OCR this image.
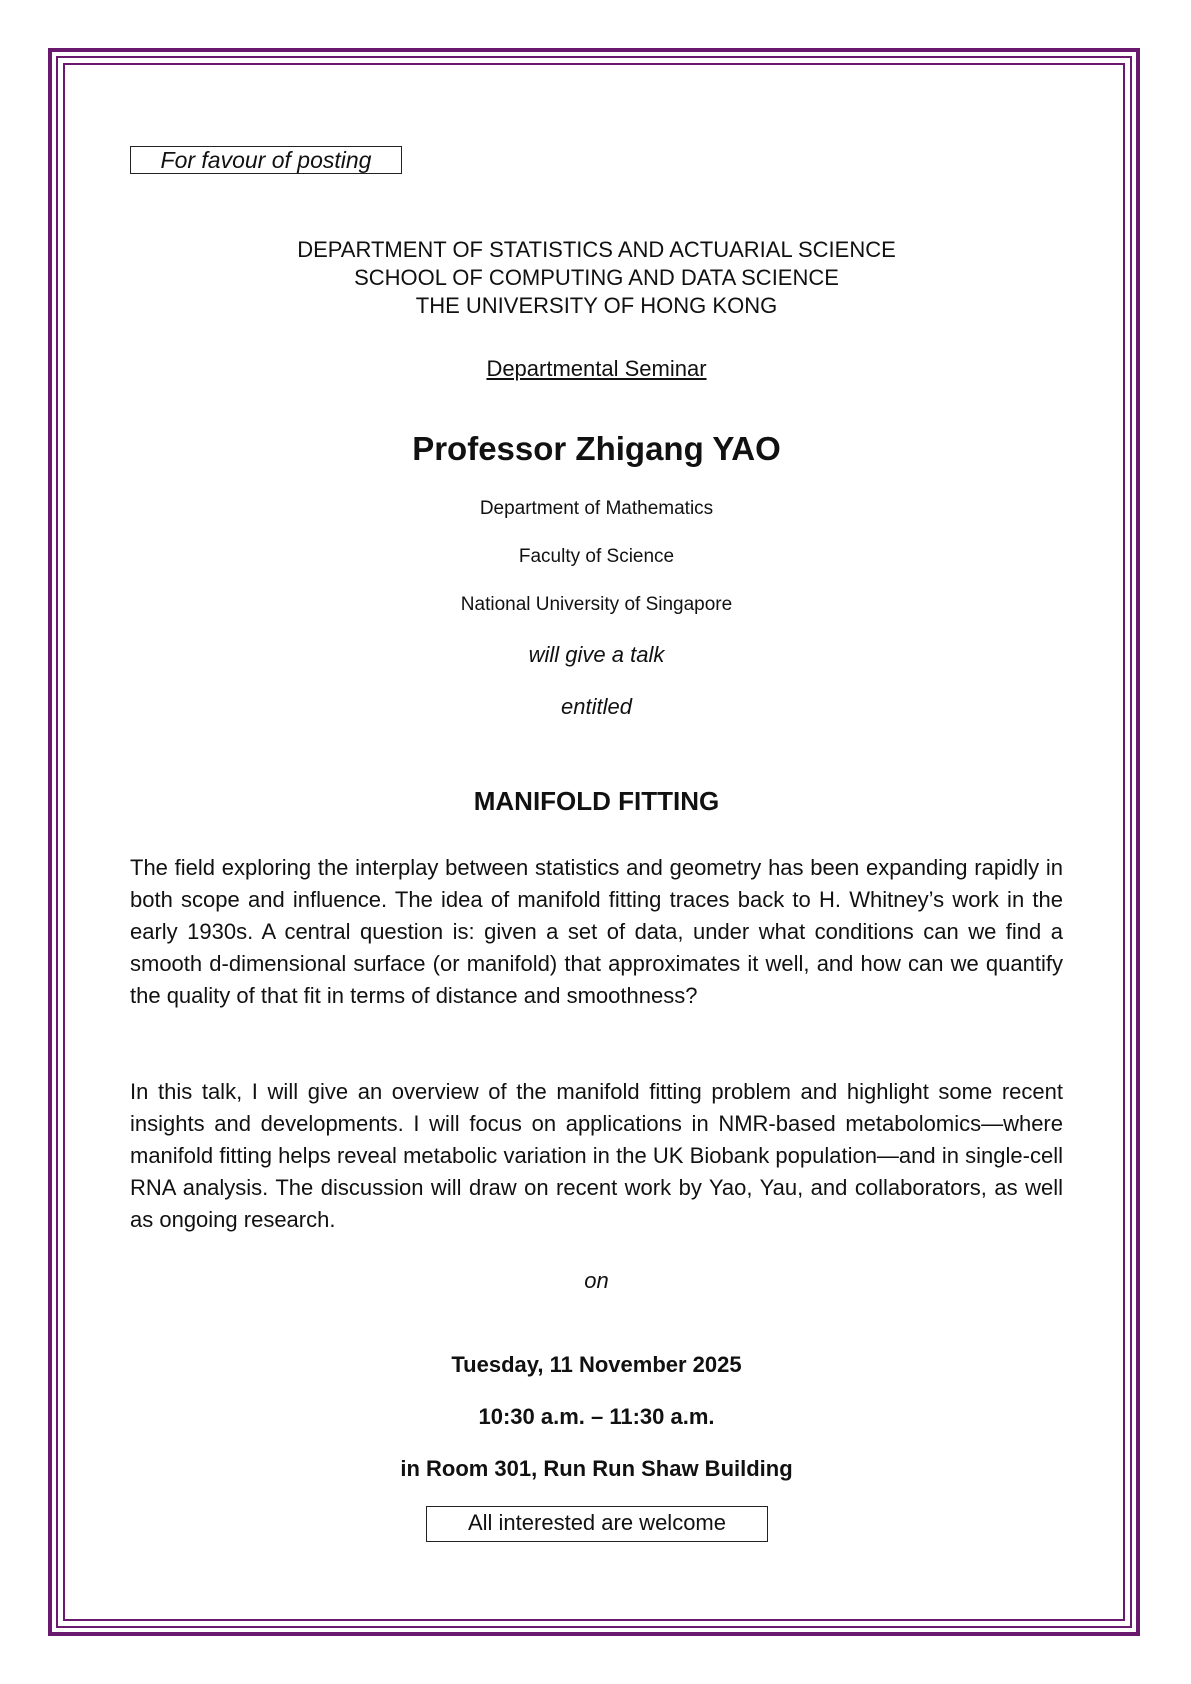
For favour of posting
DEPARTMENT OF STATISTICS AND ACTUARIAL SCIENCE
SCHOOL OF COMPUTING AND DATA SCIENCE
THE UNIVERSITY OF HONG KONG
Departmental Seminar
Professor Zhigang YAO
Department of Mathematics
Faculty of Science
National University of Singapore
will give a talk
entitled
MANIFOLD FITTING
The field exploring the interplay between statistics and geometry has been expanding rapidly in both scope and influence. The idea of manifold fitting traces back to H. Whitney’s work in the early 1930s. A central question is: given a set of data, under what conditions can we find a smooth d-dimensional surface (or manifold) that approximates it well, and how can we quantify the quality of that fit in terms of distance and smoothness?
In this talk, I will give an overview of the manifold fitting problem and highlight some recent insights and developments. I will focus on applications in NMR-based metabolomics—where manifold fitting helps reveal metabolic variation in the UK Biobank population—and in single-cell RNA analysis. The discussion will draw on recent work by Yao, Yau, and collaborators, as well as ongoing research.
on
Tuesday, 11 November 2025
10:30 a.m. – 11:30 a.m.
in Room 301, Run Run Shaw Building
All interested are welcome
